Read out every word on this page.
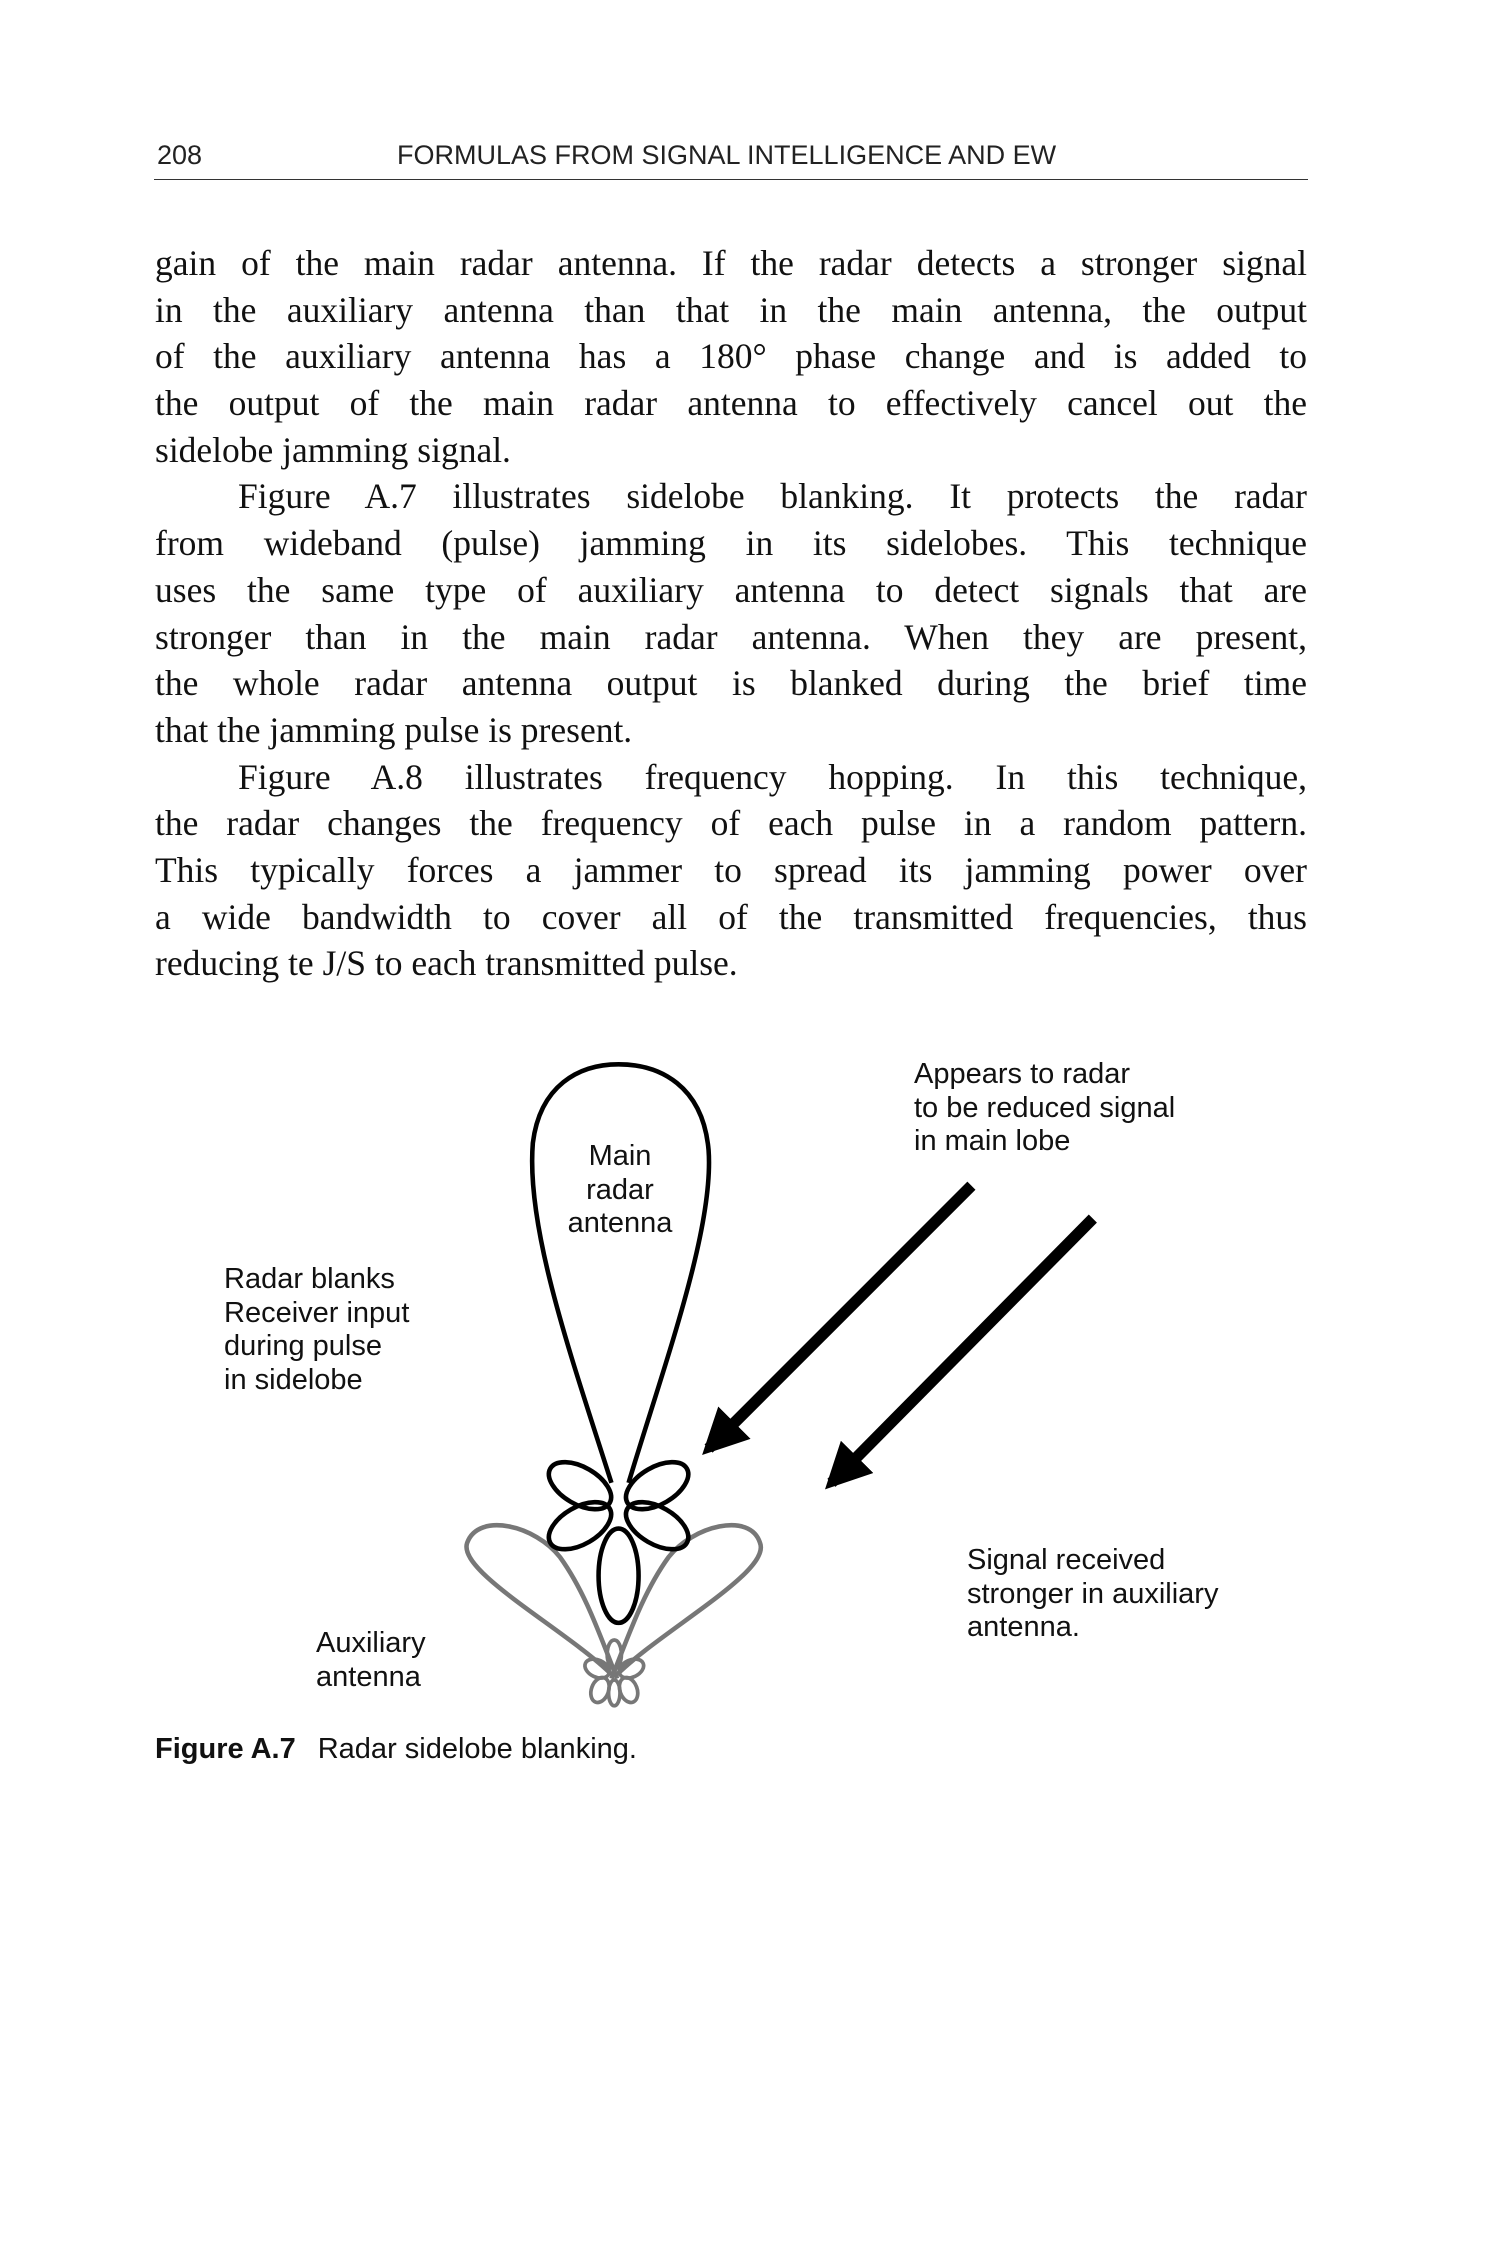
208	FORMULAS FROM SIGNAL INTELLIGENCE AND EW
gain of the main radar antenna. If the radar detects a stronger signal
in the auxiliary antenna than that in the main antenna, the output
of the auxiliary antenna has a 180° phase change and is added to
the output of the main radar antenna to effectively cancel out the
sidelobe jamming signal.
Figure A.7 illustrates sidelobe blanking. It protects the radar
from wideband (pulse) jamming in its sidelobes. This technique
uses the same type of auxiliary antenna to detect signals that are
stronger than in the main radar antenna. When they are present,
the whole radar antenna output is blanked during the brief time
that the jamming pulse is present.
Figure A.8 illustrates frequency hopping. In this technique,
the radar changes the frequency of each pulse in a random pattern.
This typically forces a jammer to spread its jamming power over
a wide bandwidth to cover all of the transmitted frequencies, thus
reducing te J/S to each transmitted pulse.
Main
radar
antenna
Appears to radar
to be reduced signal
in main lobe
Radar blanks
Receiver input
during pulse
in sidelobe
Signal received
stronger in auxiliary
antenna.
Auxiliary
antenna
Figure A.7 Radar sidelobe blanking.
